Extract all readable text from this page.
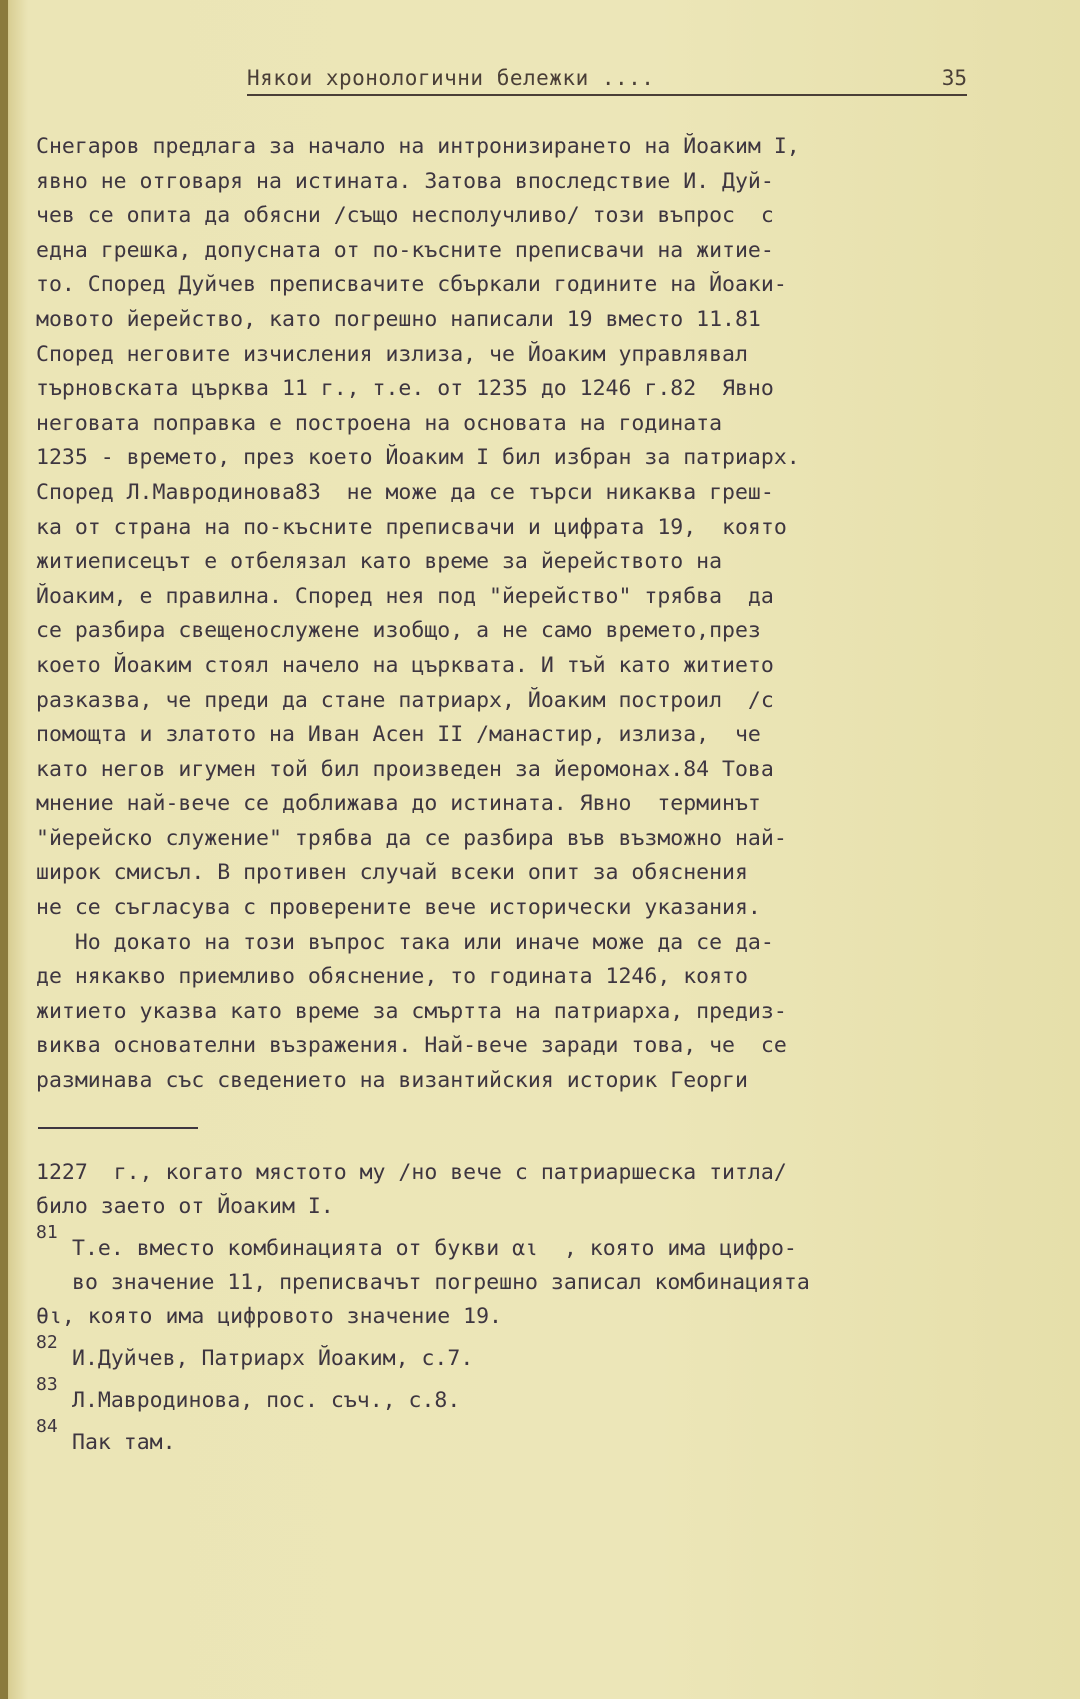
Някои хронологични бележки ....	35
Снегаров предлага за начало на интронизирането на Йоаким I,
явно не отговаря на истината. Затова впоследствие И. Дуй-
чев се опита да обясни /също несполучливо/ този въпрос  с
една грешка, допусната от по-късните преписвачи на житие-
то. Според Дуйчев преписвачите сбъркали годините на Йоаки-
мовото йерейство, като погрешно написали 19 вместо 11.81
Според неговите изчисления излиза, че Йоаким управлявал
търновската църква 11 г., т.е. от 1235 до 1246 г.82  Явно
неговата поправка е построена на основата на годината
1235 - времето, през което Йоаким I бил избран за патриарх.
Според Л.Мавродинова83  не може да се търси никаква греш-
ка от страна на по-късните преписвачи и цифрата 19,  която
житиеписецът е отбелязал като време за йерейството на
Йоаким, е правилна. Според нея под "йерейство" трябва  да
се разбира свещенослужене изобщо, а не само времето,през
което Йоаким стоял начело на църквата. И тъй като житието
разказва, че преди да стане патриарх, Йоаким построил  /с
помощта и златото на Иван Асен II /манастир, излиза,  че
като негов игумен той бил произведен за йеромонах.84 Това
мнение най-вече се доближава до истината. Явно  терминът
"йерейско служение" трябва да се разбира във възможно най-
широк смисъл. В противен случай всеки опит за обяснения
не се съгласува с проверените вече исторически указания.
Но докато на този въпрос така или иначе може да се да-
де някакво приемливо обяснение, то годината 1246, която
житието указва като време за смъртта на патриарха, предиз-
виква основателни възражения. Най-вече заради това, че  се
разминава със сведението на византийския историк Георги
1227  г., когато мястото му /но вече с патриаршеска титла/
било заето от Йоаким I.
81
Т.е. вместо комбинацията от букви αι  , която има цифро-
во значение 11, преписвачът погрешно записал комбинацията
θι, която има цифровото значение 19.
82
И.Дуйчев, Патриарх Йоаким, с.7.
83
Л.Мавродинова, пос. съч., с.8.
84
Пак там.
